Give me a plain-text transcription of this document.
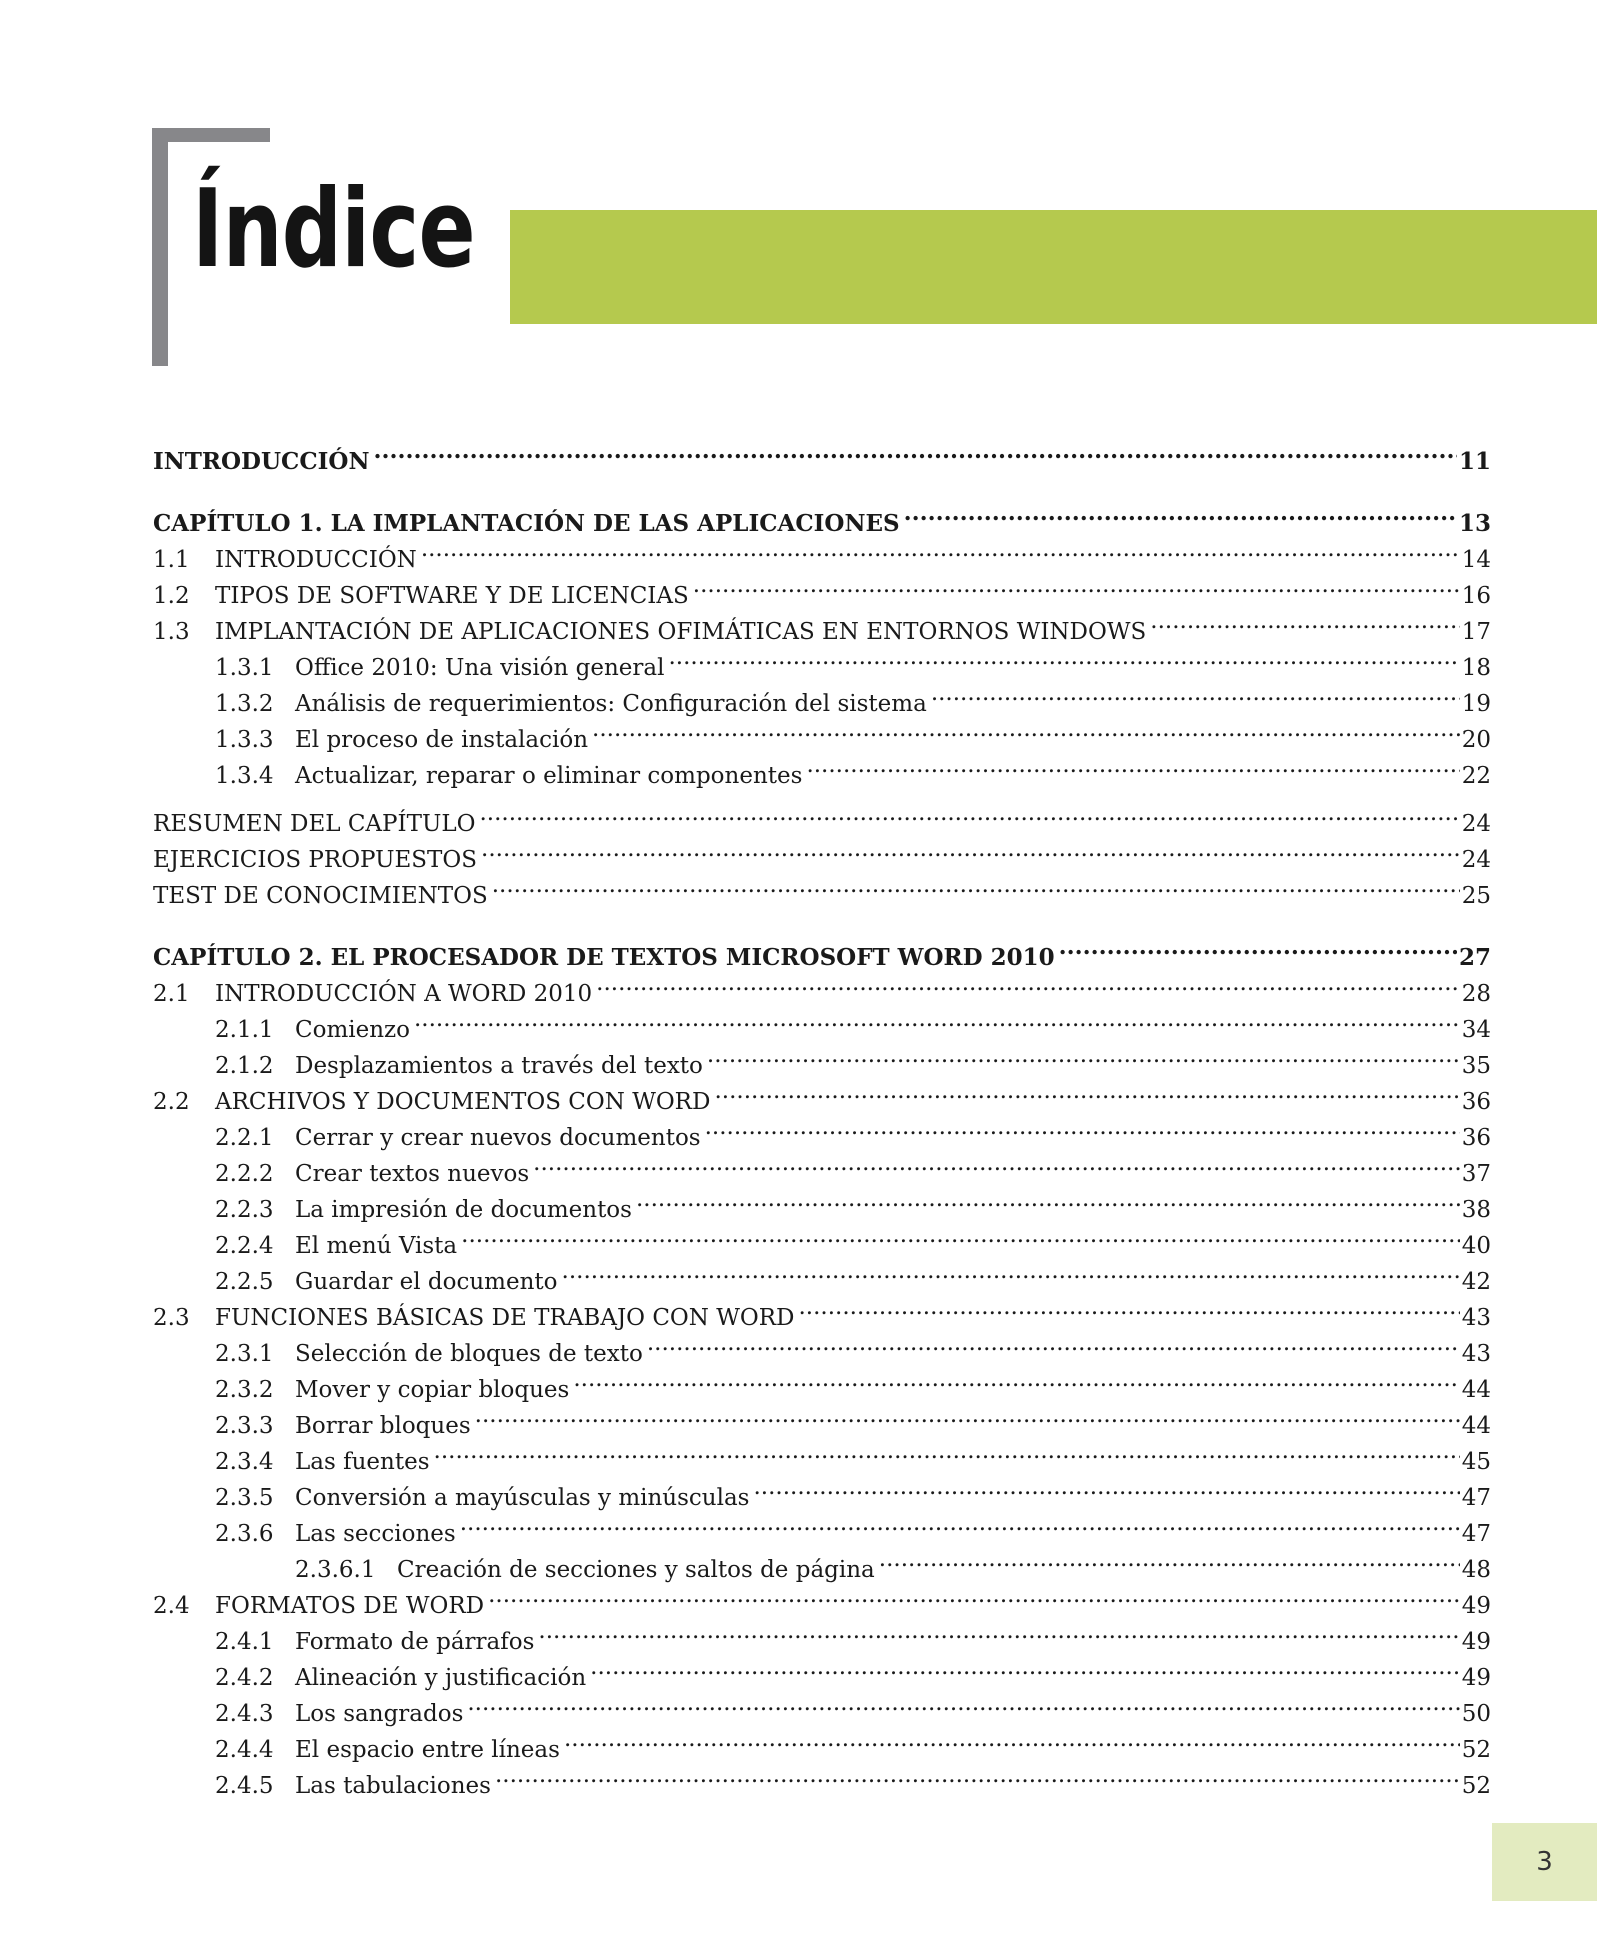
Índice
INTRODUCCIÓN .....	11
CAPÍTULO 1. LA IMPLANTACIÓN DE LAS APLICACIONES .....	13
1.1	INTRODUCCIÓN .....	14
1.2	TIPOS DE SOFTWARE Y DE LICENCIAS .....	16
1.3	IMPLANTACIÓN DE APLICACIONES OFIMÁTICAS EN ENTORNOS WINDOWS .....	17
1.3.1 Office 2010: Una visión general .....	18
1.3.2 Análisis de requerimientos: Configuración del sistema .....	19
1.3.3 El proceso de instalación .....	20
1.3.4 Actualizar, reparar o eliminar componentes .....	22
RESUMEN DEL CAPÍTULO .....	24
EJERCICIOS PROPUESTOS .....	24
TEST DE CONOCIMIENTOS .....	25
CAPÍTULO 2. EL PROCESADOR DE TEXTOS MICROSOFT WORD 2010 .....	27
2.1	INTRODUCCIÓN A WORD 2010 .....	28
2.1.1 Comienzo .....	34
2.1.2 Desplazamientos a través del texto .....	35
2.2	ARCHIVOS Y DOCUMENTOS CON WORD .....	36
2.2.1 Cerrar y crear nuevos documentos .....	36
2.2.2 Crear textos nuevos .....	37
2.2.3 La impresión de documentos .....	38
2.2.4 El menú Vista .....	40
2.2.5 Guardar el documento .....	42
2.3	FUNCIONES BÁSICAS DE TRABAJO CON WORD .....	43
2.3.1 Selección de bloques de texto .....	43
2.3.2 Mover y copiar bloques .....	44
2.3.3 Borrar bloques .....	44
2.3.4 Las fuentes .....	45
2.3.5 Conversión a mayúsculas y minúsculas .....	47
2.3.6 Las secciones .....	47
2.3.6.1 Creación de secciones y saltos de página .....	48
2.4	FORMATOS DE WORD .....	49
2.4.1 Formato de párrafos .....	49
2.4.2 Alineación y justificación .....	49
2.4.3 Los sangrados .....	50
2.4.4 El espacio entre líneas .....	52
2.4.5 Las tabulaciones .....	52
3
